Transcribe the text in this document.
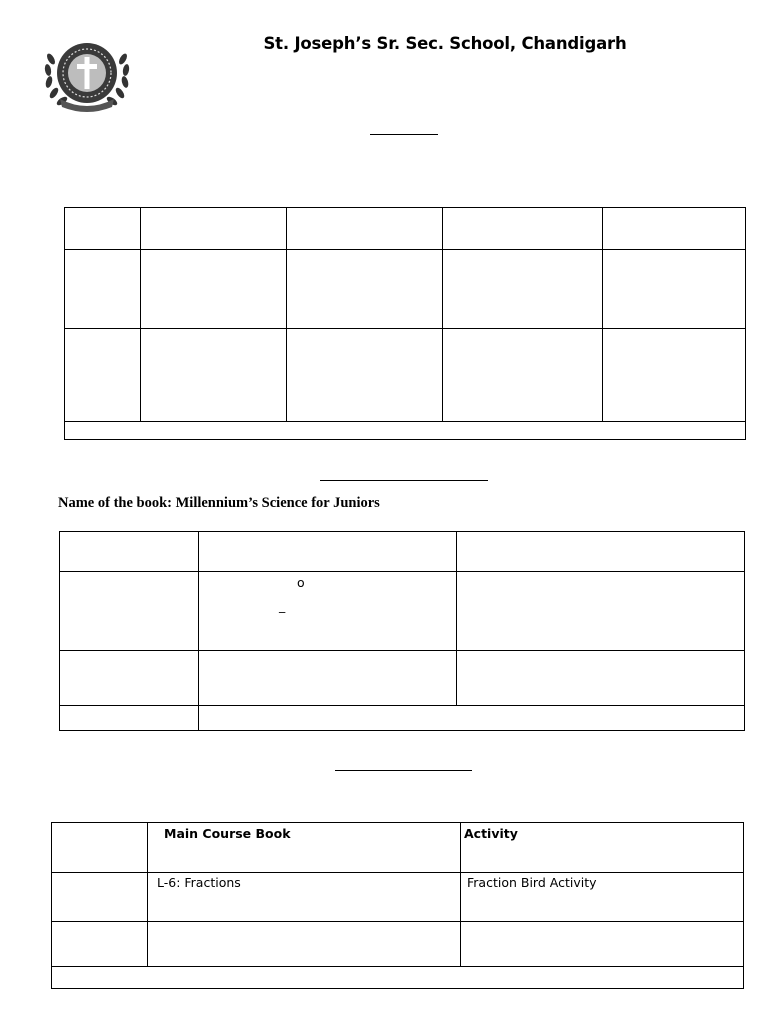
St. Joseph’s Sr. Sec. School, Chandigarh
Name of the book: Millennium’s Science for Juniors
o
_
Main Course Book	Activity
L-6: Fractions	Fraction Bird Activity
